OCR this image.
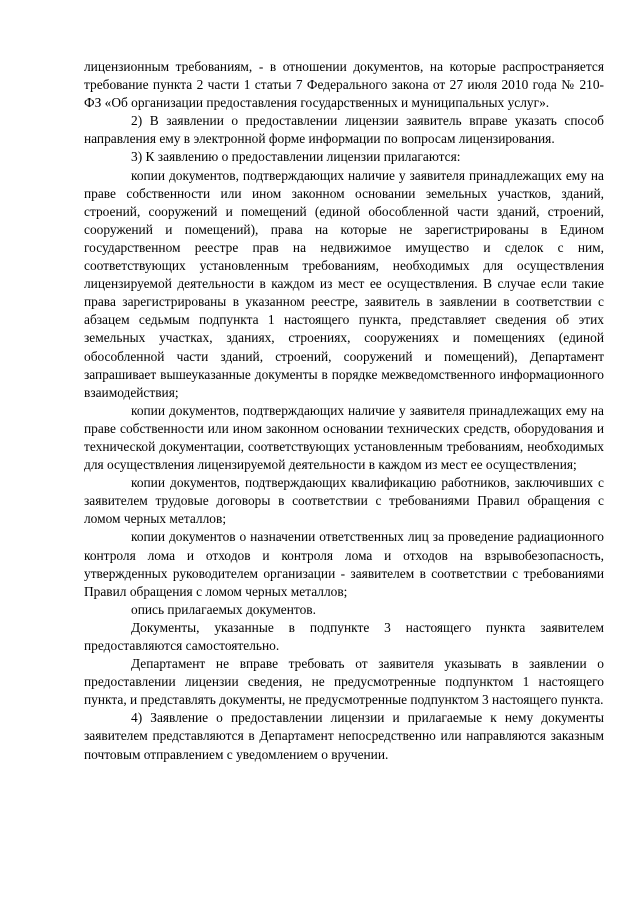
лицензионным требованиям, - в отношении документов, на которые распространяется требование пункта 2 части 1 статьи 7 Федерального закона от 27 июля 2010 года № 210-ФЗ «Об организации предоставления государственных и муниципальных услуг».

2) В заявлении о предоставлении лицензии заявитель вправе указать способ направления ему в электронной форме информации по вопросам лицензирования.

3) К заявлению о предоставлении лицензии прилагаются:

копии документов, подтверждающих наличие у заявителя принадлежащих ему на праве собственности или ином законном основании земельных участков, зданий, строений, сооружений и помещений (единой обособленной части зданий, строений, сооружений и помещений), права на которые не зарегистрированы в Едином государственном реестре прав на недвижимое имущество и сделок с ним, соответствующих установленным требованиям, необходимых для осуществления лицензируемой деятельности в каждом из мест ее осуществления. В случае если такие права зарегистрированы в указанном реестре, заявитель в заявлении в соответствии с абзацем седьмым подпункта 1 настоящего пункта, представляет сведения об этих земельных участках, зданиях, строениях, сооружениях и помещениях (единой обособленной части зданий, строений, сооружений и помещений), Департамент запрашивает вышеуказанные документы в порядке межведомственного информационного взаимодействия;

копии документов, подтверждающих наличие у заявителя принадлежащих ему на праве собственности или ином законном основании технических средств, оборудования и технической документации, соответствующих установленным требованиям, необходимых для осуществления лицензируемой деятельности в каждом из мест ее осуществления;

копии документов, подтверждающих квалификацию работников, заключивших с заявителем трудовые договоры в соответствии с требованиями Правил обращения с ломом черных металлов;

копии документов о назначении ответственных лиц за проведение радиационного контроля лома и отходов и контроля лома и отходов на взрывобезопасность, утвержденных руководителем организации - заявителем в соответствии с требованиями Правил обращения с ломом черных металлов;

опись прилагаемых документов.

Документы, указанные в подпункте 3 настоящего пункта заявителем предоставляются самостоятельно.

Департамент не вправе требовать от заявителя указывать в заявлении о предоставлении лицензии сведения, не предусмотренные подпунктом 1 настоящего пункта, и представлять документы, не предусмотренные подпунктом 3 настоящего пункта.

4) Заявление о предоставлении лицензии и прилагаемые к нему документы заявителем представляются в Департамент непосредственно или направляются заказным почтовым отправлением с уведомлением о вручении.
